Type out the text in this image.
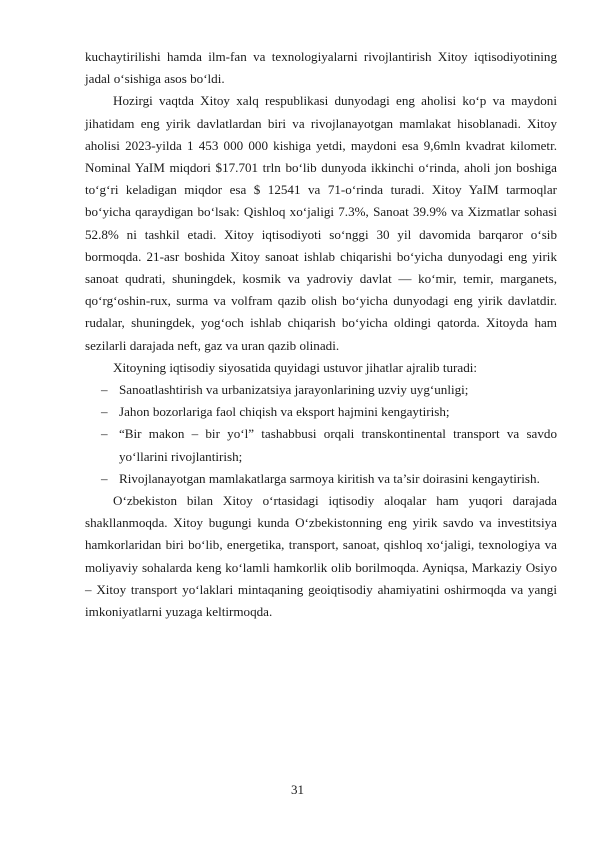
kuchaytirilishi hamda ilm-fan va texnologiyalarni rivojlantirish Xitoy iqtisodiyotining jadal o‘sishiga asos bo‘ldi.

Hozirgi vaqtda Xitoy xalq respublikasi dunyodagi eng aholisi ko‘p va maydoni jihatidam eng yirik davlatlardan biri va rivojlanayotgan mamlakat hisoblanadi. Xitoy aholisi 2023-yilda 1 453 000 000 kishiga yetdi, maydoni esa 9,6mln kvadrat kilometr. Nominal YaIM miqdori $17.701 trln bo‘lib dunyoda ikkinchi o‘rinda, aholi jon boshiga to‘g‘ri keladigan miqdor esa $ 12541 va 71-o‘rinda turadi. Xitoy YaIM tarmoqlar bo‘yicha qaraydigan bo‘lsak: Qishloq xo‘jaligi 7.3%, Sanoat 39.9% va Xizmatlar sohasi 52.8% ni tashkil etadi. Xitoy iqtisodiyoti so‘nggi 30 yil davomida barqaror o‘sib bormoqda. 21-asr boshida Xitoy sanoat ishlab chiqarishi bo‘yicha dunyodagi eng yirik sanoat qudrati, shuningdek, kosmik va yadroviy davlat — ko‘mir, temir, marganets, qo‘rg‘oshin-rux, surma va volfram qazib olish bo‘yicha dunyodagi eng yirik davlatdir. rudalar, shuningdek, yog‘och ishlab chiqarish bo‘yicha oldingi qatorda. Xitoyda ham sezilarli darajada neft, gaz va uran qazib olinadi.

Xitoyning iqtisodiy siyosatida quyidagi ustuvor jihatlar ajralib turadi:

– Sanoatlashtirish va urbanizatsiya jarayonlarining uzviy uyg‘unligi;
– Jahon bozorlariga faol chiqish va eksport hajmini kengaytirish;
– “Bir makon – bir yo‘l” tashabbusi orqali transkontinental transport va savdo yo‘llarini rivojlantirish;
– Rivojlanayotgan mamlakatlarga sarmoya kiritish va ta’sir doirasini kengaytirish.

O‘zbekiston bilan Xitoy o‘rtasidagi iqtisodiy aloqalar ham yuqori darajada shakllanmoqda. Xitoy bugungi kunda O‘zbekistonning eng yirik savdo va investitsiya hamkorlaridan biri bo‘lib, energetika, transport, sanoat, qishloq xo‘jaligi, texnologiya va moliyaviy sohalarda keng ko‘lamli hamkorlik olib borilmoqda. Ayniqsa, Markaziy Osiyo – Xitoy transport yo‘laklari mintaqaning geoiqtisodiy ahamiyatini oshirmoqda va yangi imkoniyatlarni yuzaga keltirmoqda.

31
